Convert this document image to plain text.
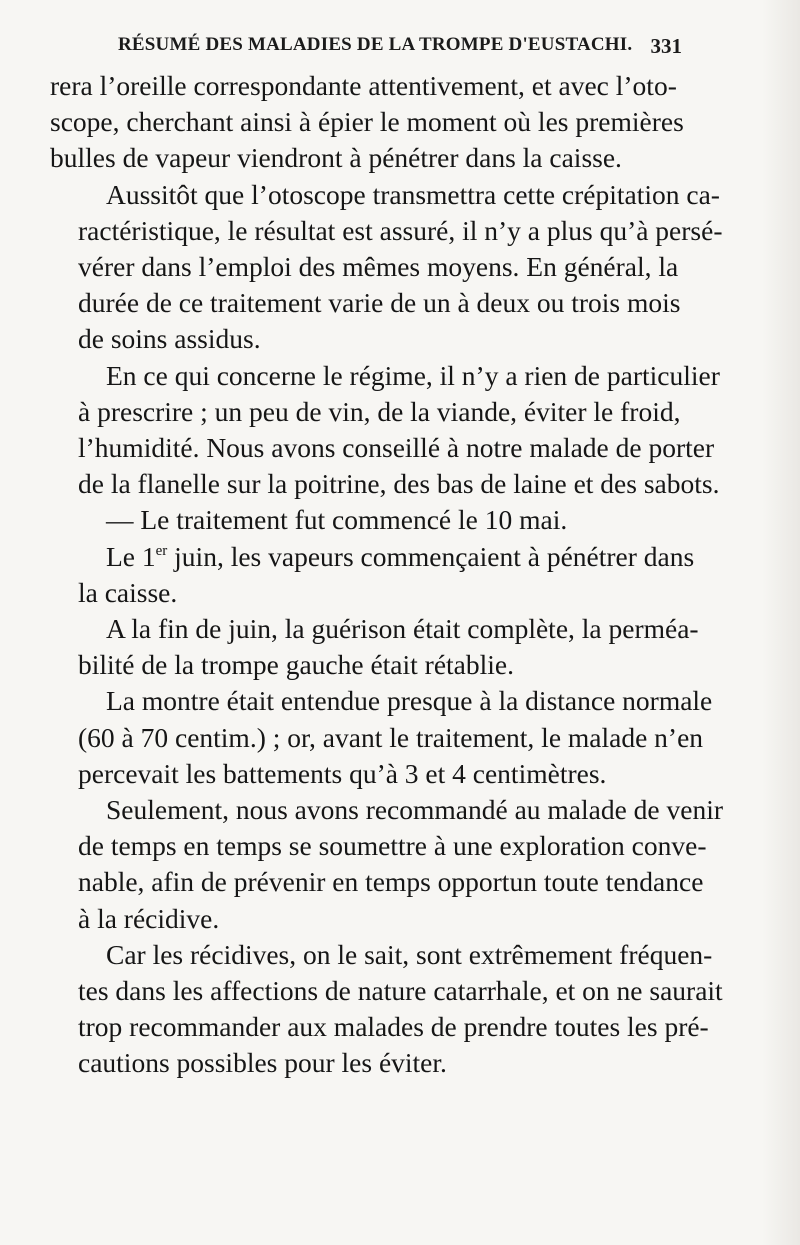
RÉSUMÉ DES MALADIES DE LA TROMPE D'EUSTACHI. 331

rera l’oreille correspondante attentivement, et avec l’oto-
scope, cherchant ainsi à épier le moment où les premières
bulles de vapeur viendront à pénétrer dans la caisse.

Aussitôt que l’otoscope transmettra cette crépitation ca-
ractéristique, le résultat est assuré, il n’y a plus qu’à persé-
vérer dans l’emploi des mêmes moyens. En général, la
durée de ce traitement varie de un à deux ou trois mois
de soins assidus.

En ce qui concerne le régime, il n’y a rien de particulier
à prescrire ; un peu de vin, de la viande, éviter le froid,
l’humidité. Nous avons conseillé à notre malade de porter
de la flanelle sur la poitrine, des bas de laine et des sabots.
— Le traitement fut commencé le 10 mai.

Le 1er juin, les vapeurs commençaient à pénétrer dans
la caisse.

A la fin de juin, la guérison était complète, la perméa-
bilité de la trompe gauche était rétablie.

La montre était entendue presque à la distance normale
(60 à 70 centim.) ; or, avant le traitement, le malade n’en
percevait les battements qu’à 3 et 4 centimètres.

Seulement, nous avons recommandé au malade de venir
de temps en temps se soumettre à une exploration conve-
nable, afin de prévenir en temps opportun toute tendance
à la récidive.

Car les récidives, on le sait, sont extrêmement fréquen-
tes dans les affections de nature catarrhale, et on ne saurait
trop recommander aux malades de prendre toutes les pré-
cautions possibles pour les éviter.
